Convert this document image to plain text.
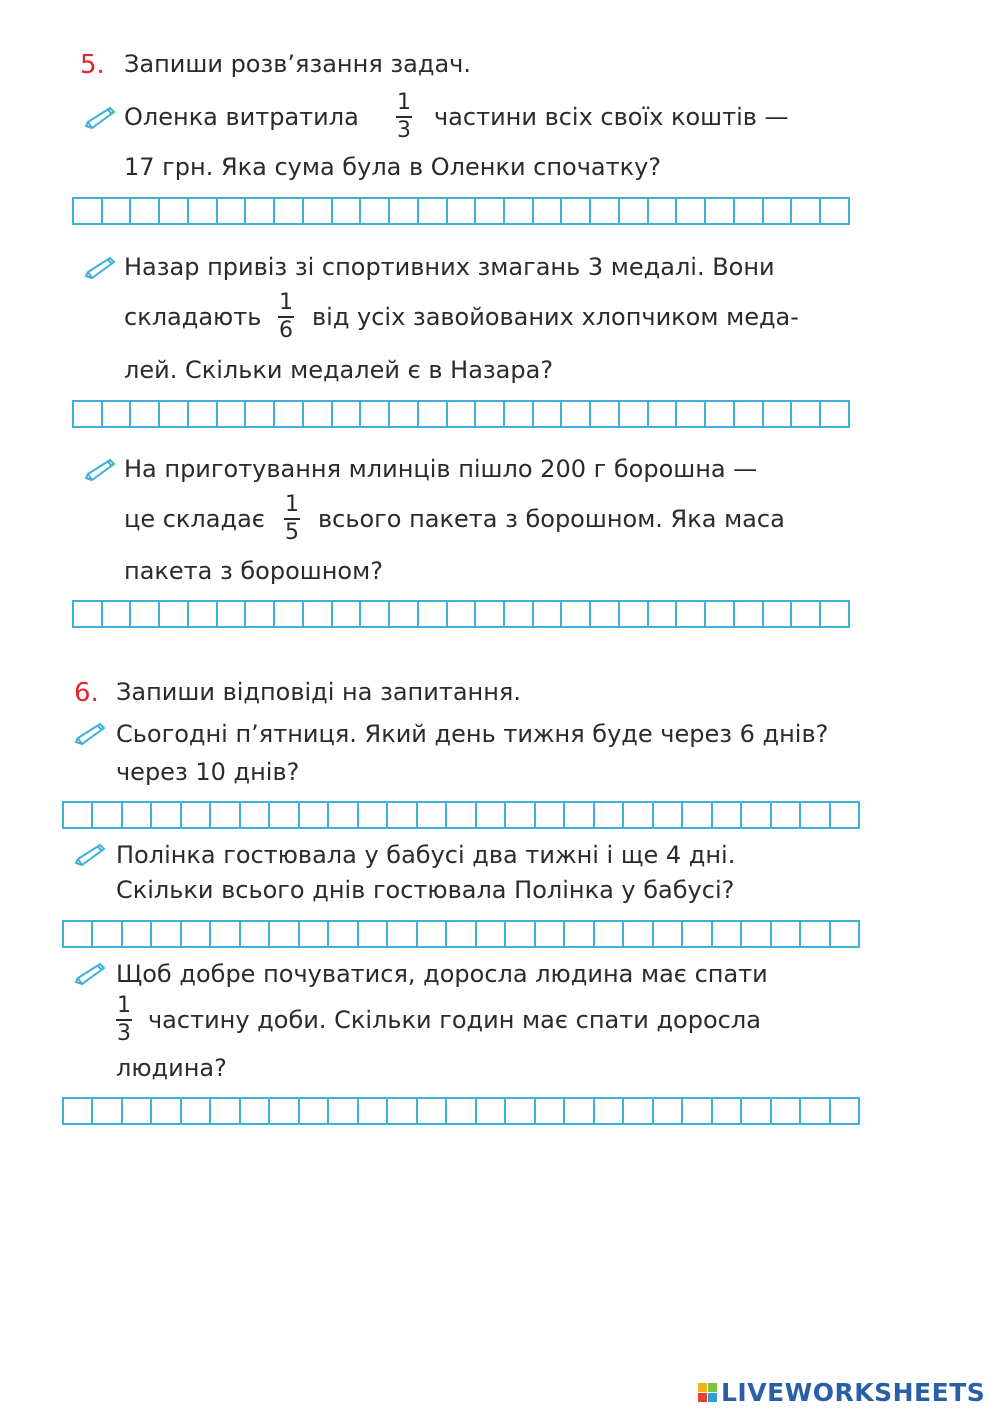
5. Запиши розв’язання задач.
Оленка витратила
1
3 частини всіх своїх коштів —
17 грн. Яка сума була в Оленки спочатку?
Назар привіз зі спортивних змагань 3 медалі. Вони
складають
1
6 від усіх завойованих хлопчиком меда-
лей. Скільки медалей є в Назара?
На приготування млинців пішло 200 г борошна —
це складає
1
5 всього пакета з борошном. Яка маса
пакета з борошном?
6. Запиши відповіді на запитання.
Сьогодні п’ятниця. Який день тижня буде через 6 днів?
через 10 днів?
Полінка гостювала у бабусі два тижні і ще 4 дні.
Скільки всього днів гостювала Полінка у бабусі?
Щоб добре почуватися, доросла людина має спати
1
3 частину доби. Скільки годин має спати доросла
людина?
LIVEWORKSHEETS
